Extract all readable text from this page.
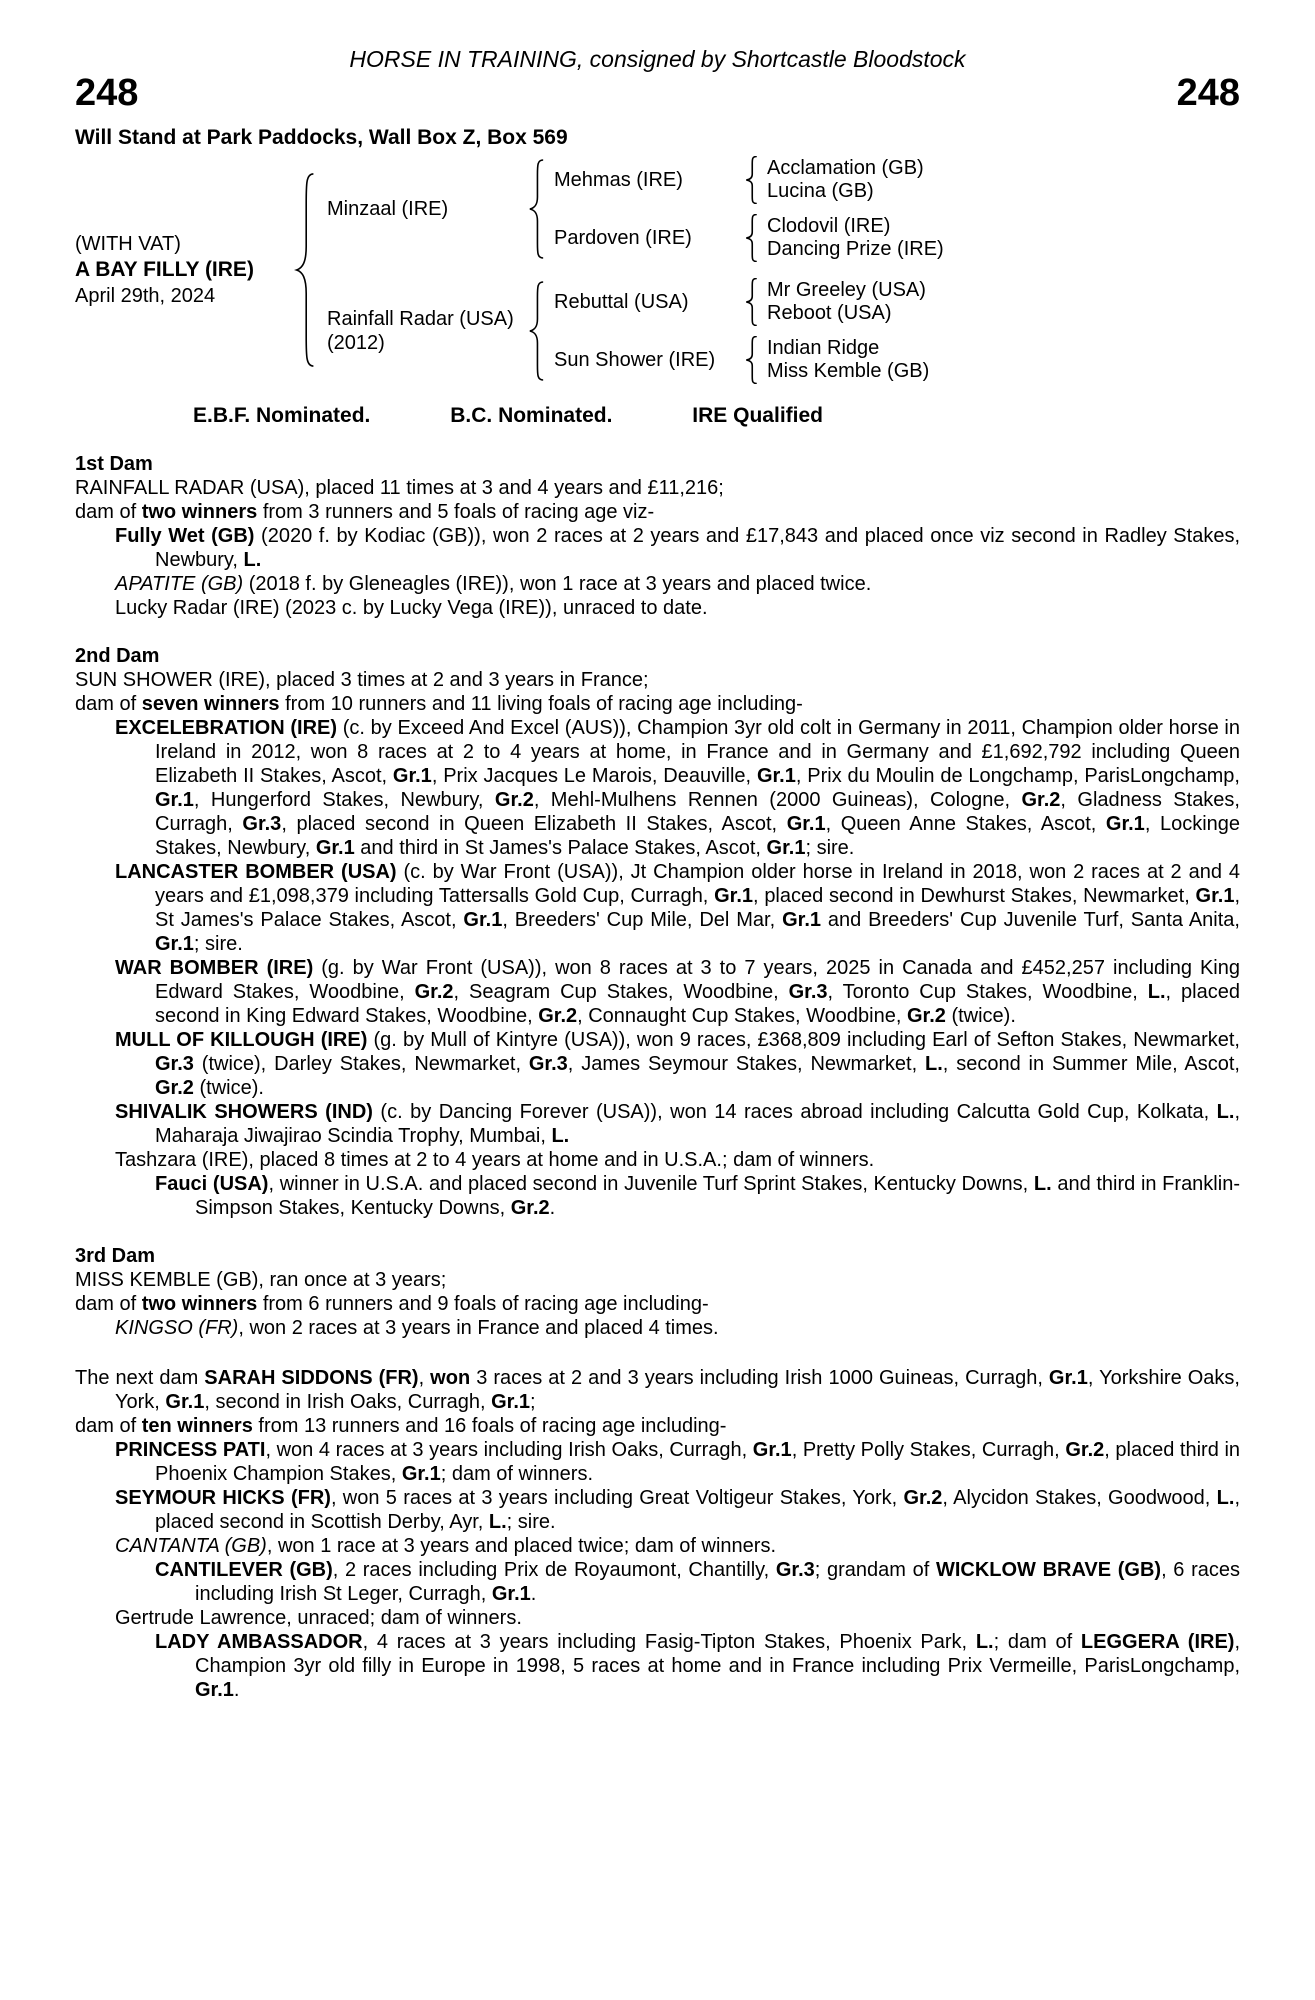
HORSE IN TRAINING, consigned by Shortcastle Bloodstock
248	248
Will Stand at Park Paddocks, Wall Box Z, Box 569
(WITH VAT)
A BAY FILLY (IRE)
April 29th, 2024
Minzaal (IRE)
Mehmas (IRE)
Acclamation (GB)
Lucina (GB)
Pardoven (IRE)
Clodovil (IRE)
Dancing Prize (IRE)
Rainfall Radar (USA)
(2012)
Rebuttal (USA)
Mr Greeley (USA)
Reboot (USA)
Sun Shower (IRE)
Indian Ridge
Miss Kemble (GB)
E.B.F. Nominated.	B.C. Nominated.	IRE Qualified
1st Dam
RAINFALL RADAR (USA), placed 11 times at 3 and 4 years and £11,216;
dam of two winners from 3 runners and 5 foals of racing age viz-
Fully Wet (GB) (2020 f. by Kodiac (GB)), won 2 races at 2 years and £17,843 and placed once viz second in Radley Stakes, Newbury, L.
APATITE (GB) (2018 f. by Gleneagles (IRE)), won 1 race at 3 years and placed twice.
Lucky Radar (IRE) (2023 c. by Lucky Vega (IRE)), unraced to date.
2nd Dam
SUN SHOWER (IRE), placed 3 times at 2 and 3 years in France;
dam of seven winners from 10 runners and 11 living foals of racing age including-
EXCELEBRATION (IRE) (c. by Exceed And Excel (AUS)), Champion 3yr old colt in Germany in 2011, Champion older horse in Ireland in 2012, won 8 races at 2 to 4 years at home, in France and in Germany and £1,692,792 including Queen Elizabeth II Stakes, Ascot, Gr.1, Prix Jacques Le Marois, Deauville, Gr.1, Prix du Moulin de Longchamp, ParisLongchamp, Gr.1, Hungerford Stakes, Newbury, Gr.2, Mehl-Mulhens Rennen (2000 Guineas), Cologne, Gr.2, Gladness Stakes, Curragh, Gr.3, placed second in Queen Elizabeth II Stakes, Ascot, Gr.1, Queen Anne Stakes, Ascot, Gr.1, Lockinge Stakes, Newbury, Gr.1 and third in St James's Palace Stakes, Ascot, Gr.1; sire.
LANCASTER BOMBER (USA) (c. by War Front (USA)), Jt Champion older horse in Ireland in 2018, won 2 races at 2 and 4 years and £1,098,379 including Tattersalls Gold Cup, Curragh, Gr.1, placed second in Dewhurst Stakes, Newmarket, Gr.1, St James's Palace Stakes, Ascot, Gr.1, Breeders' Cup Mile, Del Mar, Gr.1 and Breeders' Cup Juvenile Turf, Santa Anita, Gr.1; sire.
WAR BOMBER (IRE) (g. by War Front (USA)), won 8 races at 3 to 7 years, 2025 in Canada and £452,257 including King Edward Stakes, Woodbine, Gr.2, Seagram Cup Stakes, Woodbine, Gr.3, Toronto Cup Stakes, Woodbine, L., placed second in King Edward Stakes, Woodbine, Gr.2, Connaught Cup Stakes, Woodbine, Gr.2 (twice).
MULL OF KILLOUGH (IRE) (g. by Mull of Kintyre (USA)), won 9 races, £368,809 including Earl of Sefton Stakes, Newmarket, Gr.3 (twice), Darley Stakes, Newmarket, Gr.3, James Seymour Stakes, Newmarket, L., second in Summer Mile, Ascot, Gr.2 (twice).
SHIVALIK SHOWERS (IND) (c. by Dancing Forever (USA)), won 14 races abroad including Calcutta Gold Cup, Kolkata, L., Maharaja Jiwajirao Scindia Trophy, Mumbai, L.
Tashzara (IRE), placed 8 times at 2 to 4 years at home and in U.S.A.; dam of winners.
Fauci (USA), winner in U.S.A. and placed second in Juvenile Turf Sprint Stakes, Kentucky Downs, L. and third in Franklin-Simpson Stakes, Kentucky Downs, Gr.2.
3rd Dam
MISS KEMBLE (GB), ran once at 3 years;
dam of two winners from 6 runners and 9 foals of racing age including-
KINGSO (FR), won 2 races at 3 years in France and placed 4 times.
The next dam SARAH SIDDONS (FR), won 3 races at 2 and 3 years including Irish 1000 Guineas, Curragh, Gr.1, Yorkshire Oaks, York, Gr.1, second in Irish Oaks, Curragh, Gr.1;
dam of ten winners from 13 runners and 16 foals of racing age including-
PRINCESS PATI, won 4 races at 3 years including Irish Oaks, Curragh, Gr.1, Pretty Polly Stakes, Curragh, Gr.2, placed third in Phoenix Champion Stakes, Gr.1; dam of winners.
SEYMOUR HICKS (FR), won 5 races at 3 years including Great Voltigeur Stakes, York, Gr.2, Alycidon Stakes, Goodwood, L., placed second in Scottish Derby, Ayr, L.; sire.
CANTANTA (GB), won 1 race at 3 years and placed twice; dam of winners.
CANTILEVER (GB), 2 races including Prix de Royaumont, Chantilly, Gr.3; grandam of WICKLOW BRAVE (GB), 6 races including Irish St Leger, Curragh, Gr.1.
Gertrude Lawrence, unraced; dam of winners.
LADY AMBASSADOR, 4 races at 3 years including Fasig-Tipton Stakes, Phoenix Park, L.; dam of LEGGERA (IRE), Champion 3yr old filly in Europe in 1998, 5 races at home and in France including Prix Vermeille, ParisLongchamp, Gr.1.
